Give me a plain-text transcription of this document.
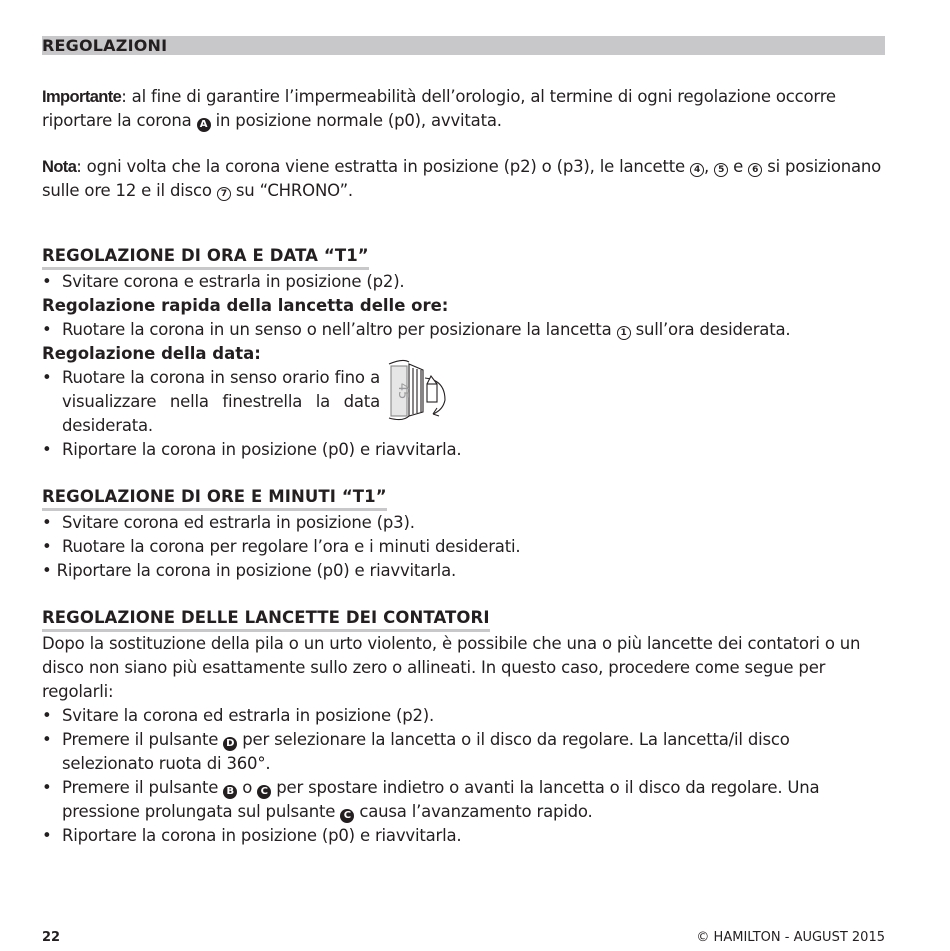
REGOLAZIONI

Importante: al fine di garantire l’impermeabilità dell’orologio, al termine di ogni regolazione occorre riportare la corona A in posizione normale (p0), avvitata.

Nota: ogni volta che la corona viene estratta in posizione (p2) o (p3), le lancette 4 , 5 e 6 si posizionano sulle ore 12 e il disco 7 su “CHRONO”.

REGOLAZIONE DI ORA E DATA “T1”
• Svitare corona e estrarla in posizione (p2).

Regolazione rapida della lancetta delle ore:

• Ruotare la corona in un senso o nell’altro per posizionare la lancetta 1 sull’ora desiderata.

Regolazione della data:

• Ruotare la corona in senso orario fino a visualizzare nella finestrella la data desiderata.
45
• Riportare la corona in posizione (p0) e riavvitarla.
REGOLAZIONE DI ORE E MINUTI “T1”
• Svitare corona ed estrarla in posizione (p3).
• Ruotare la corona per regolare l’ora e i minuti desiderati.
• Riportare la corona in posizione (p0) e riavvitarla.
REGOLAZIONE DELLE LANCETTE DEI CONTATORI

Dopo la sostituzione della pila o un urto violento, è possibile che una o più lancette dei contatori o un disco non siano più esattamente sullo zero o allineati. In questo caso, procedere come segue per regolarli:

• Svitare la corona ed estrarla in posizione (p2).
• Premere il pulsante D per selezionare la lancetta o il disco da regolare. La lancetta/il disco selezionato ruota di 360°.
• Premere il pulsante B o C per spostare indietro o avanti la lancetta o il disco da regolare. Una pressione prolungata sul pulsante C causa l’avanzamento rapido.
• Riportare la corona in posizione (p0) e riavvitarla.
22	© HAMILTON - AUGUST 2015
